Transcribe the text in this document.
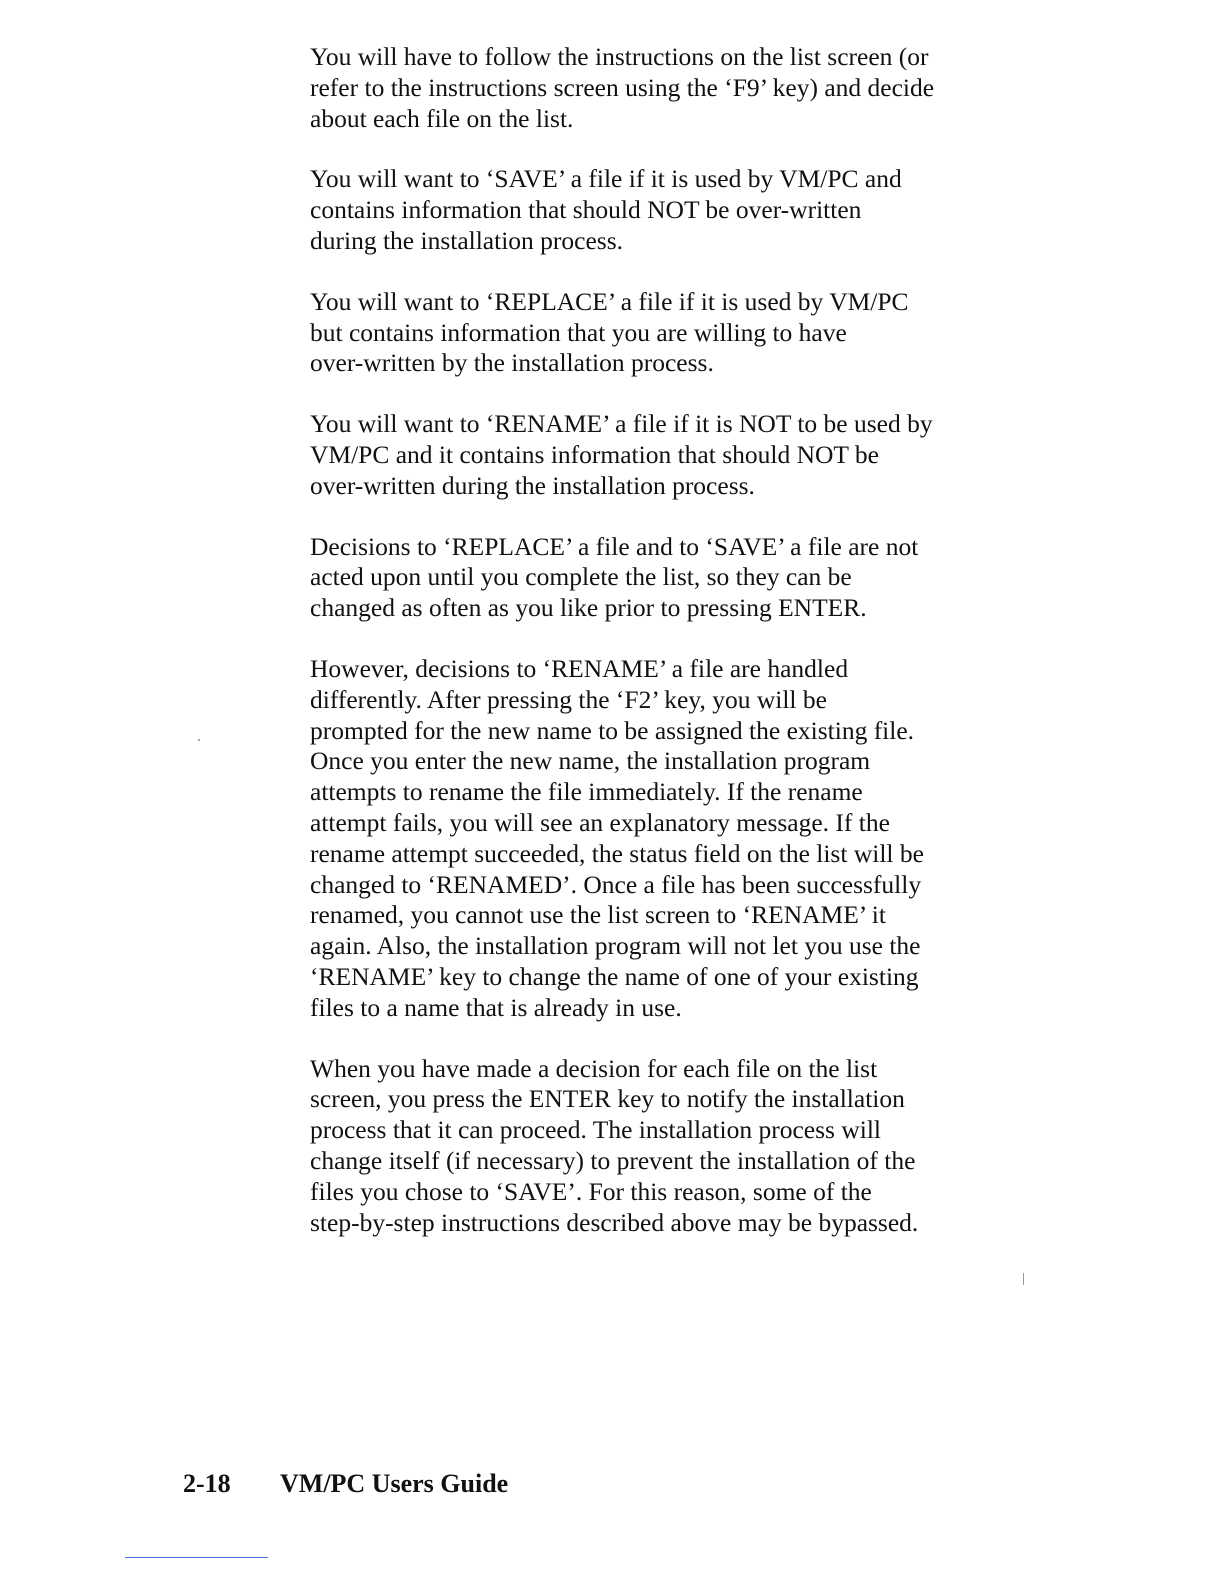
You will have to follow the instructions on the list screen (or
refer to the instructions screen using the ‘F9’ key) and decide
about each file on the list.

You will want to ‘SAVE’ a file if it is used by VM/PC and
contains information that should NOT be over-written
during the installation process.

You will want to ‘REPLACE’ a file if it is used by VM/PC
but contains information that you are willing to have
over-written by the installation process.

You will want to ‘RENAME’ a file if it is NOT to be used by
VM/PC and it contains information that should NOT be
over-written during the installation process.

Decisions to ‘REPLACE’ a file and to ‘SAVE’ a file are not
acted upon until you complete the list, so they can be
changed as often as you like prior to pressing ENTER.

However, decisions to ‘RENAME’ a file are handled
differently. After pressing the ‘F2’ key, you will be
prompted for the new name to be assigned the existing file.
Once you enter the new name, the installation program
attempts to rename the file immediately. If the rename
attempt fails, you will see an explanatory message. If the
rename attempt succeeded, the status field on the list will be
changed to ‘RENAMED’. Once a file has been successfully
renamed, you cannot use the list screen to ‘RENAME’ it
again. Also, the installation program will not let you use the
‘RENAME’ key to change the name of one of your existing
files to a name that is already in use.

When you have made a decision for each file on the list
screen, you press the ENTER key to notify the installation
process that it can proceed. The installation process will
change itself (if necessary) to prevent the installation of the
files you chose to ‘SAVE’. For this reason, some of the
step-by-step instructions described above may be bypassed.

2-18 VM/PC Users Guide
